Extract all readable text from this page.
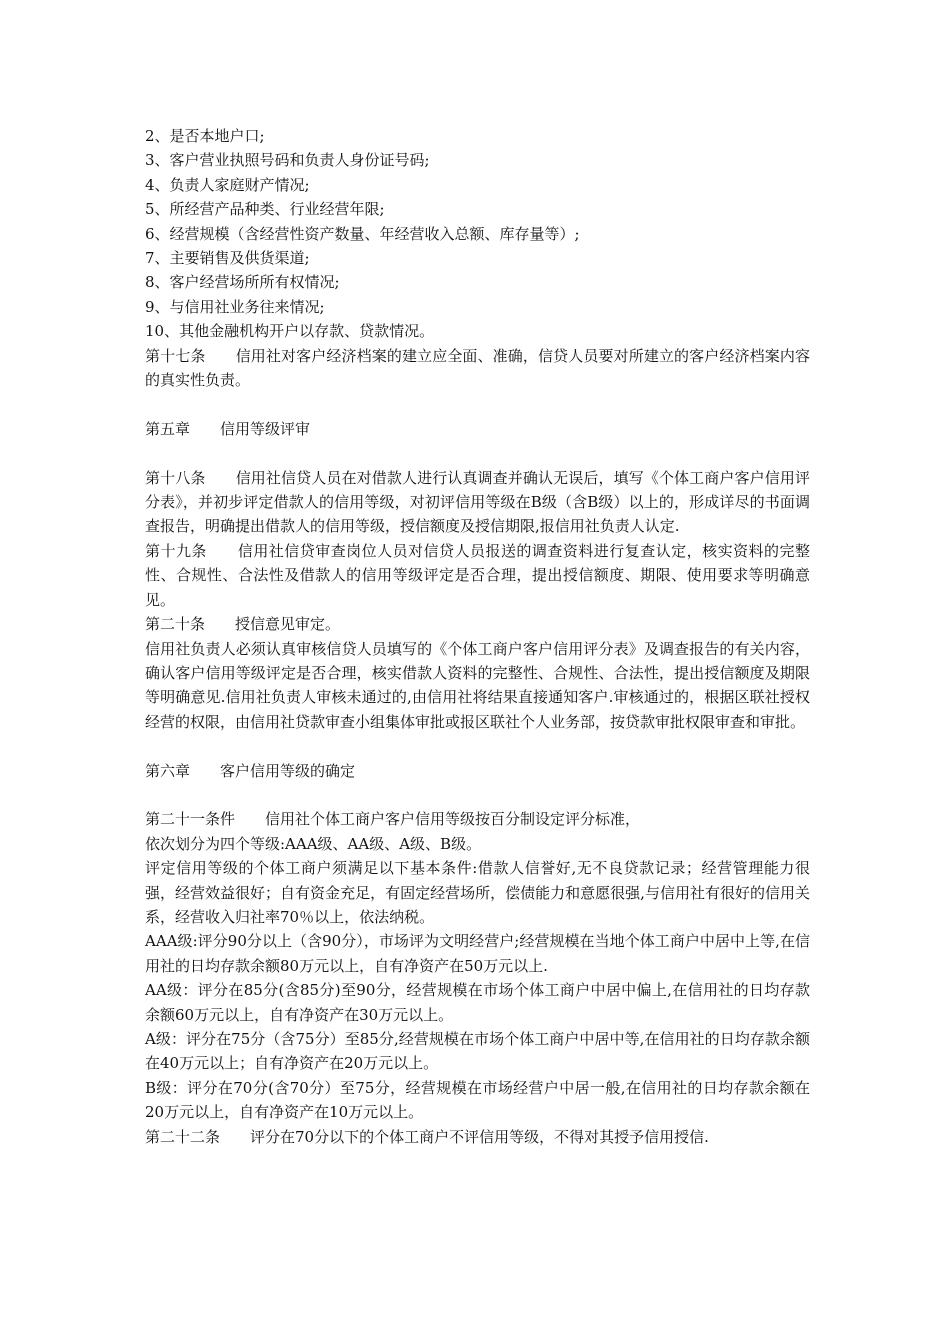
2、是否本地户口;

3、客户营业执照号码和负责人身份证号码;

4、负责人家庭财产情况;

5、所经营产品种类、行业经营年限;

6、经营规模（含经营性资产数量、年经营收入总额、库存量等）;

7、主要销售及供货渠道;

8、客户经营场所所有权情况;

9、与信用社业务往来情况;

10、其他金融机构开户以存款、贷款情况。

第十七条　　信用社对客户经济档案的建立应全面、准确，信贷人员要对所建立的客户经济档案内容的真实性负责。

第五章　　信用等级评审

第十八条　　信用社信贷人员在对借款人进行认真调查并确认无误后，填写《个体工商户客户信用评分表》，并初步评定借款人的信用等级，对初评信用等级在B级（含B级）以上的，形成详尽的书面调查报告，明确提出借款人的信用等级，授信额度及授信期限,报信用社负责人认定.

第十九条　　信用社信贷审查岗位人员对信贷人员报送的调查资料进行复查认定，核实资料的完整性、合规性、合法性及借款人的信用等级评定是否合理，提出授信额度、期限、使用要求等明确意见。

第二十条　　授信意见审定。

信用社负责人必须认真审核信贷人员填写的《个体工商户客户信用评分表》及调查报告的有关内容，确认客户信用等级评定是否合理，核实借款人资料的完整性、合规性、合法性，提出授信额度及期限等明确意见.信用社负责人审核未通过的,由信用社将结果直接通知客户.审核通过的，根据区联社授权经营的权限，由信用社贷款审查小组集体审批或报区联社个人业务部，按贷款审批权限审查和审批。

第六章　　客户信用等级的确定

第二十一条件　　信用社个体工商户客户信用等级按百分制设定评分标准，

依次划分为四个等级:AAA级、AA级、A级、B级。

评定信用等级的个体工商户须满足以下基本条件:借款人信誉好,无不良贷款记录；经营管理能力很强，经营效益很好；自有资金充足，有固定经营场所，偿债能力和意愿很强,与信用社有很好的信用关系，经营收入归社率70％以上，依法纳税。

AAA级:评分90分以上（含90分），市场评为文明经营户;经营规模在当地个体工商户中居中上等,在信用社的日均存款余额80万元以上，自有净资产在50万元以上.

AA级：评分在85分(含85分)至90分，经营规模在市场个体工商户中居中偏上,在信用社的日均存款余额60万元以上，自有净资产在30万元以上。

A级：评分在75分（含75分）至85分,经营规模在市场个体工商户中居中等,在信用社的日均存款余额在40万元以上；自有净资产在20万元以上。

B级：评分在70分(含70分）至75分，经营规模在市场经营户中居一般,在信用社的日均存款余额在20万元以上，自有净资产在10万元以上。

第二十二条　　评分在70分以下的个体工商户不评信用等级，不得对其授予信用授信.
